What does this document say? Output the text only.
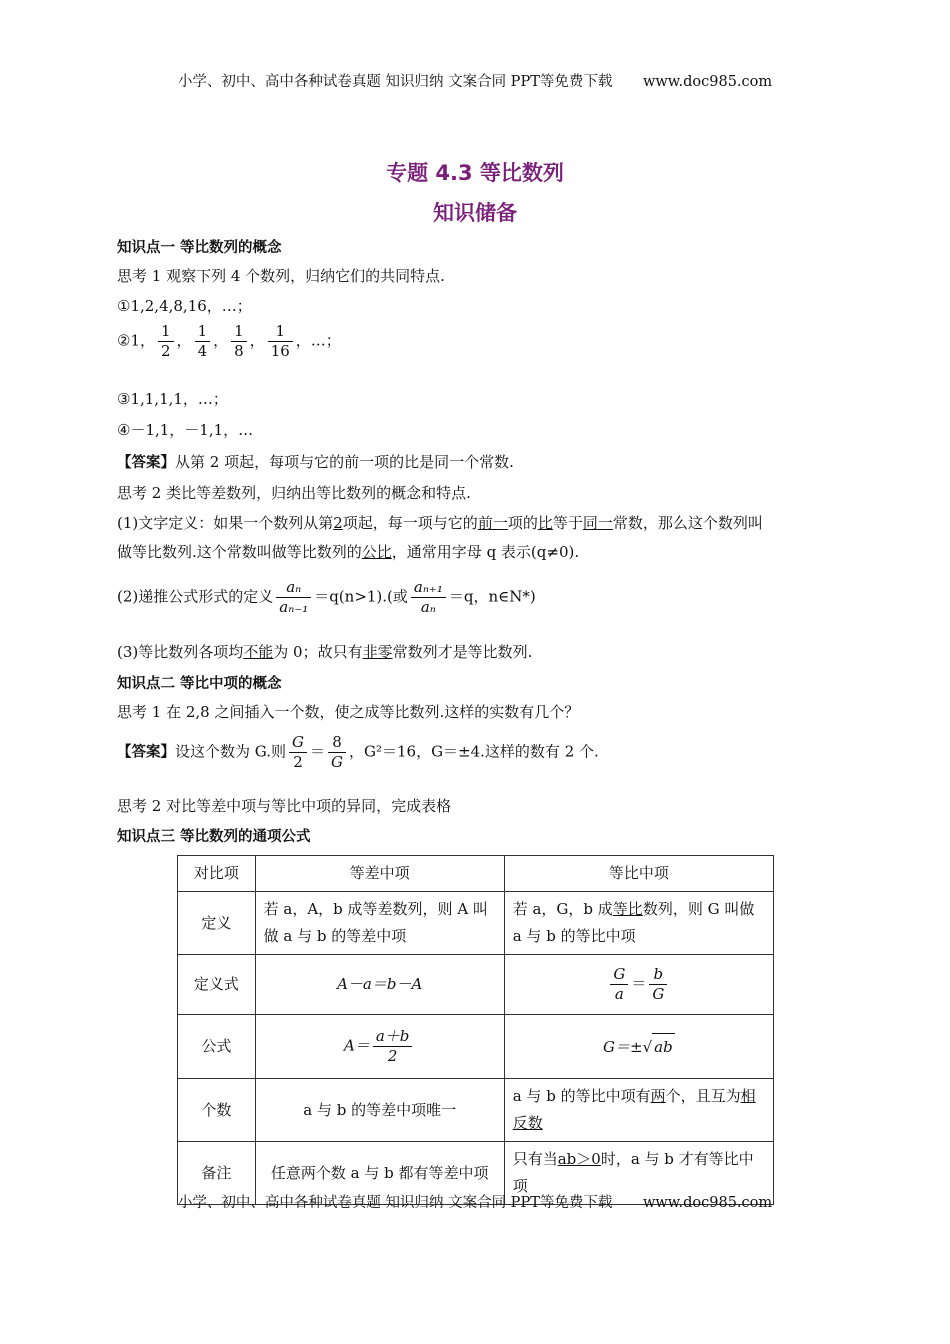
小学、初中、高中各种试卷真题 知识归纳 文案合同 PPT等免费下载 www.doc985.com
专题 4.3 等比数列
知识储备
知识点一 等比数列的概念
思考 1 观察下列 4 个数列，归纳它们的共同特点.
①1,2,4,8,16，…；
②1， $\frac{1}{2}$ ， $\frac{1}{4}$ ， $\frac{1}{8}$ ， $\frac{1}{16}$ ，…；
③1,1,1,1，…；
④－1,1，－1,1，…
【答案】从第 2 项起，每项与它的前一项的比是同一个常数.
思考 2 类比等差数列，归纳出等比数列的概念和特点.
(1)文字定义：如果一个数列从第2项起，每一项与它的前一项的比等于同一常数，那么这个数列叫
做等比数列.这个常数叫做等比数列的公比，通常用字母 q 表示(q≠0).
(2)递推公式形式的定义 $\frac{\text{aₙ}}{\text{aₙ₋₁}} =q(n>1)$.(或 $\frac{\text{aₙ₊₁}}{\text{aₙ}} =q$，n∈N*)
(3)等比数列各项均不能为 0；故只有非零常数列才是等比数列.
知识点二 等比中项的概念
思考 1 在 2,8 之间插入一个数，使之成等比数列.这样的实数有几个？
【答案】设这个数为 G.则 $\frac{G}{2} = \frac{8}{G}$ ，G²＝16，G＝±4.这样的数有 2 个.
思考 2 对比等差中项与等比中项的异同，完成表格
知识点三 等比数列的通项公式
对比项	等差中项	等比中项
定义	若 a，A，b 成等差数列，则 A 叫做 a 与 b 的等差中项	若 a，G，b 成等比数列，则 G 叫做 a 与 b 的等比中项
定义式	A－a＝b－A	$\frac{G}{a} = \frac{b}{G}$

公式	$A= \frac{a+b}{2}$	G＝±√ ab
个数	a 与 b 的等差中项唯一	a 与 b 的等比中项有两个，且互为相反数
备注	任意两个数 a 与 b 都有等差中项	只有当ab＞0时，a 与 b 才有等比中项
小学、初中、高中各种试卷真题 知识归纳 文案合同 PPT等免费下载 www.doc985.com
